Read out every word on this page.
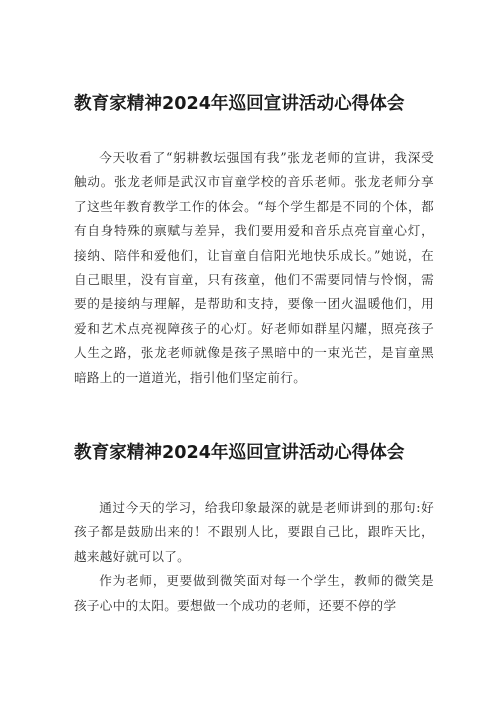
教育家精神2024年巡回宣讲活动心得体会

今天收看了“躬耕教坛强国有我”张龙老师的宣讲，我深受触动。张龙老师是武汉市盲童学校的音乐老师。张龙老师分享了这些年教育教学工作的体会。“每个学生都是不同的个体，都有自身特殊的禀赋与差异，我们要用爱和音乐点亮盲童心灯，接纳、陪伴和爱他们，让盲童自信阳光地快乐成长。”她说，在自己眼里，没有盲童，只有孩童，他们不需要同情与怜悯，需要的是接纳与理解，是帮助和支持，要像一团火温暖他们，用爱和艺术点亮视障孩子的心灯。好老师如群星闪耀，照亮孩子人生之路，张龙老师就像是孩子黑暗中的一束光芒，是盲童黑暗路上的一道道光，指引他们坚定前行。

教育家精神2024年巡回宣讲活动心得体会

通过今天的学习，给我印象最深的就是老师讲到的那句:好孩子都是鼓励出来的！不跟别人比，要跟自己比，跟昨天比，越来越好就可以了。

作为老师，更要做到微笑面对每一个学生，教师的微笑是孩子心中的太阳。要想做一个成功的老师，还要不停的学
